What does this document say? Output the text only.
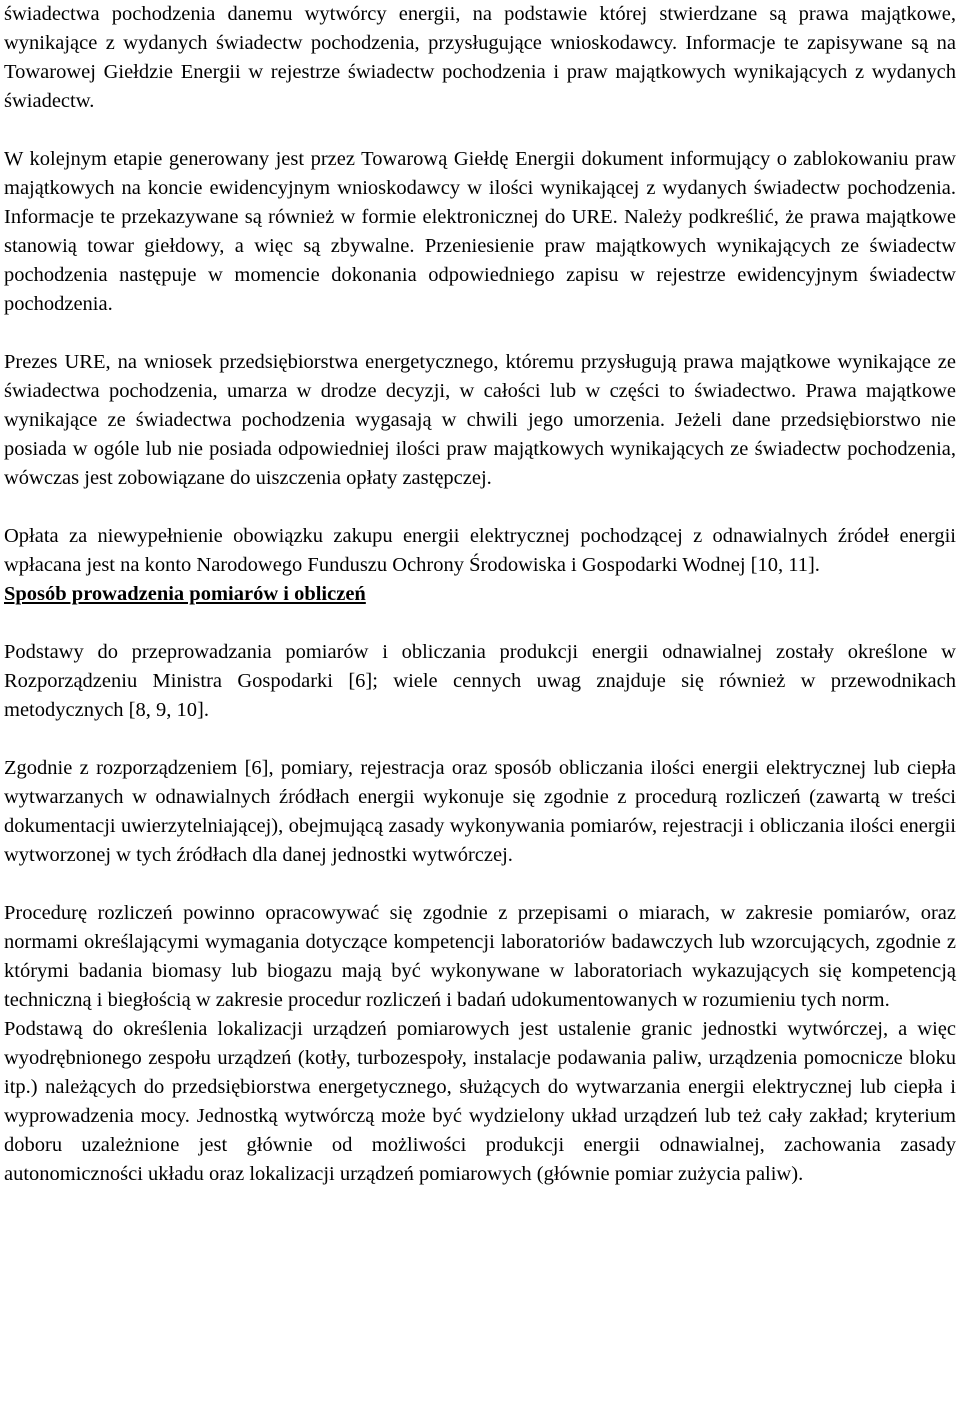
świadectwa pochodzenia danemu wytwórcy energii, na podstawie której stwierdzane są prawa majątkowe, wynikające z wydanych świadectw pochodzenia, przysługujące wnioskodawcy. Informacje te zapisywane są na Towarowej Giełdzie Energii w rejestrze świadectw pochodzenia i praw majątkowych wynikających z wydanych świadectw.

W kolejnym etapie generowany jest przez Towarową Giełdę Energii dokument informujący o zablokowaniu praw majątkowych na koncie ewidencyjnym wnioskodawcy w ilości wynikającej z wydanych świadectw pochodzenia. Informacje te przekazywane są również w formie elektronicznej do URE. Należy podkreślić, że prawa majątkowe stanowią towar giełdowy, a więc są zbywalne. Przeniesienie praw majątkowych wynikających ze świadectw pochodzenia następuje w momencie dokonania odpowiedniego zapisu w rejestrze ewidencyjnym świadectw pochodzenia.

Prezes URE, na wniosek przedsiębiorstwa energetycznego, któremu przysługują prawa majątkowe wynikające ze świadectwa pochodzenia, umarza w drodze decyzji, w całości lub w części to świadectwo. Prawa majątkowe wynikające ze świadectwa pochodzenia wygasają w chwili jego umorzenia. Jeżeli dane przedsiębiorstwo nie posiada w ogóle lub nie posiada odpowiedniej ilości praw majątkowych wynikających ze świadectw pochodzenia, wówczas jest zobowiązane do uiszczenia opłaty zastępczej.

Opłata za niewypełnienie obowiązku zakupu energii elektrycznej pochodzącej z odnawialnych źródeł energii wpłacana jest na konto Narodowego Funduszu Ochrony Środowiska i Gospodarki Wodnej [10, 11].

Sposób prowadzenia pomiarów i obliczeń

Podstawy do przeprowadzania pomiarów i obliczania produkcji energii odnawialnej zostały określone w Rozporządzeniu Ministra Gospodarki [6]; wiele cennych uwag znajduje się również w przewodnikach metodycznych [8, 9, 10].

Zgodnie z rozporządzeniem [6], pomiary, rejestracja oraz sposób obliczania ilości energii elektrycznej lub ciepła wytwarzanych w odnawialnych źródłach energii wykonuje się zgodnie z procedurą rozliczeń (zawartą w treści dokumentacji uwierzytelniającej), obejmującą zasady wykonywania pomiarów, rejestracji i obliczania ilości energii wytworzonej w tych źródłach dla danej jednostki wytwórczej.

Procedurę rozliczeń powinno opracowywać się zgodnie z przepisami o miarach, w zakresie pomiarów, oraz normami określającymi wymagania dotyczące kompetencji laboratoriów badawczych lub wzorcujących, zgodnie z którymi badania biomasy lub biogazu mają być wykonywane w laboratoriach wykazujących się kompetencją techniczną i biegłością w zakresie procedur rozliczeń i badań udokumentowanych w rozumieniu tych norm.

Podstawą do określenia lokalizacji urządzeń pomiarowych jest ustalenie granic jednostki wytwórczej, a więc wyodrębnionego zespołu urządzeń (kotły, turbozespoły, instalacje podawania paliw, urządzenia pomocnicze bloku itp.) należących do przedsiębiorstwa energetycznego, służących do wytwarzania energii elektrycznej lub ciepła i wyprowadzenia mocy. Jednostką wytwórczą może być wydzielony układ urządzeń lub też cały zakład; kryterium doboru uzależnione jest głównie od możliwości produkcji energii odnawialnej, zachowania zasady autonomiczności układu oraz lokalizacji urządzeń pomiarowych (głównie pomiar zużycia paliw).
